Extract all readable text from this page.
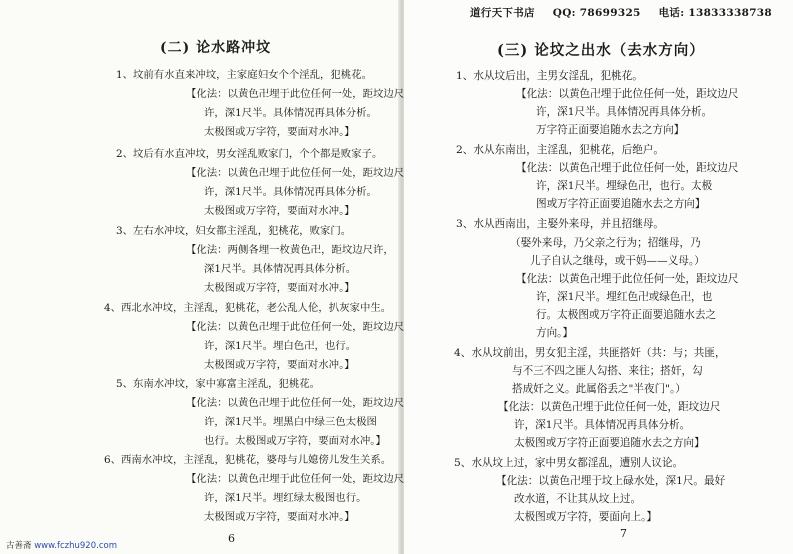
道行天下书店 QQ: 78699325 电话: 13833338738
(二) 论水路冲坟	(三) 论坟之出水（去水方向）
1、坟前有水直来冲坟，主家庭妇女个个淫乱，犯桃花。
【化法：以黄色卍埋于此位任何一处，距坟边尺
许，深1尺半。具体情况再具体分析。
太极图或万字符，要面对水冲。】
2、坟后有水直冲坟，男女淫乱败家门，个个都是败家子。
【化法：以黄色卍埋于此位任何一处，距坟边尺
许，深1尺半。具体情况再具体分析。
太极图或万字符，要面对水冲。】
3、左右水冲坟，妇女都主淫乱，犯桃花，败家门。
【化法：两侧各埋一枚黄色卍，距坟边尺许，
深1尺半。具体情况再具体分析。
太极图或万字符，要面对水冲。】
4、西北水冲坟，主淫乱，犯桃花，老公乱人伦，扒灰家中生。
【化法：以黄色卍埋于此位任何一处，距坟边尺
许，深1尺半。埋白色卍，也行。
太极图或万字符，要面对水冲。】
5、东南水冲坟，家中寡富主淫乱，犯桃花。
【化法：以黄色卍埋于此位任何一处，距坟边尺
许，深1尺半。埋黑白中绿三色太极图
也行。太极图或万字符，要面对水冲。】
6、西南水冲坟，主淫乱，犯桃花，婆母与儿媳傍儿发生关系。
【化法：以黄色卍埋于此位任何一处，距坟边尺
许，深1尺半。埋红绿太极图也行。
太极图或万字符，要面对水冲。】
1、水从坟后出，主男女淫乱，犯桃花。
【化法：以黄色卍埋于此位任何一处，距坟边尺
许，深1尺半。具体情况再具体分析。
万字符正面要追随水去之方向】
2、水从东南出，主淫乱，犯桃花，后绝户。
【化法：以黄色卍埋于此位任何一处，距坟边尺
许，深1尺半。埋绿色卍，也行。太极
图或万字符正面要追随水去之方向】
3、水从西南出，主娶外来母，并且招继母。
（娶外来母，乃父亲之行为；招继母，乃
儿子自认之继母，或干妈——义母。）
【化法：以黄色卍埋于此位任何一处，距坟边尺
许，深1尺半。埋红色卍或绿色卍，也
行。太极图或万字符正面要追随水去之
方向。】
4、水从坟前出，男女犯主淫，共匪搭奸（共：与；共匪，
与不三不四之匪人勾搭、来往；搭奸，勾
搭成奸之义。此属俗丢之"半夜门"。）
【化法：以黄色卍埋于此位任何一处，距坟边尺
许，深1尺半。具体情况再具体分析。
太极图或万字符正面要追随水去之方向】
5、水从坟上过，家中男女都淫乱，遭别人议论。
【化法：以黄色卍埋于坟上碌水处，深1尺。最好
改水道，不让其从坟上过。
太极图或万字符，要面向上。】
6	7
古善斋 www.fczhu920.com
